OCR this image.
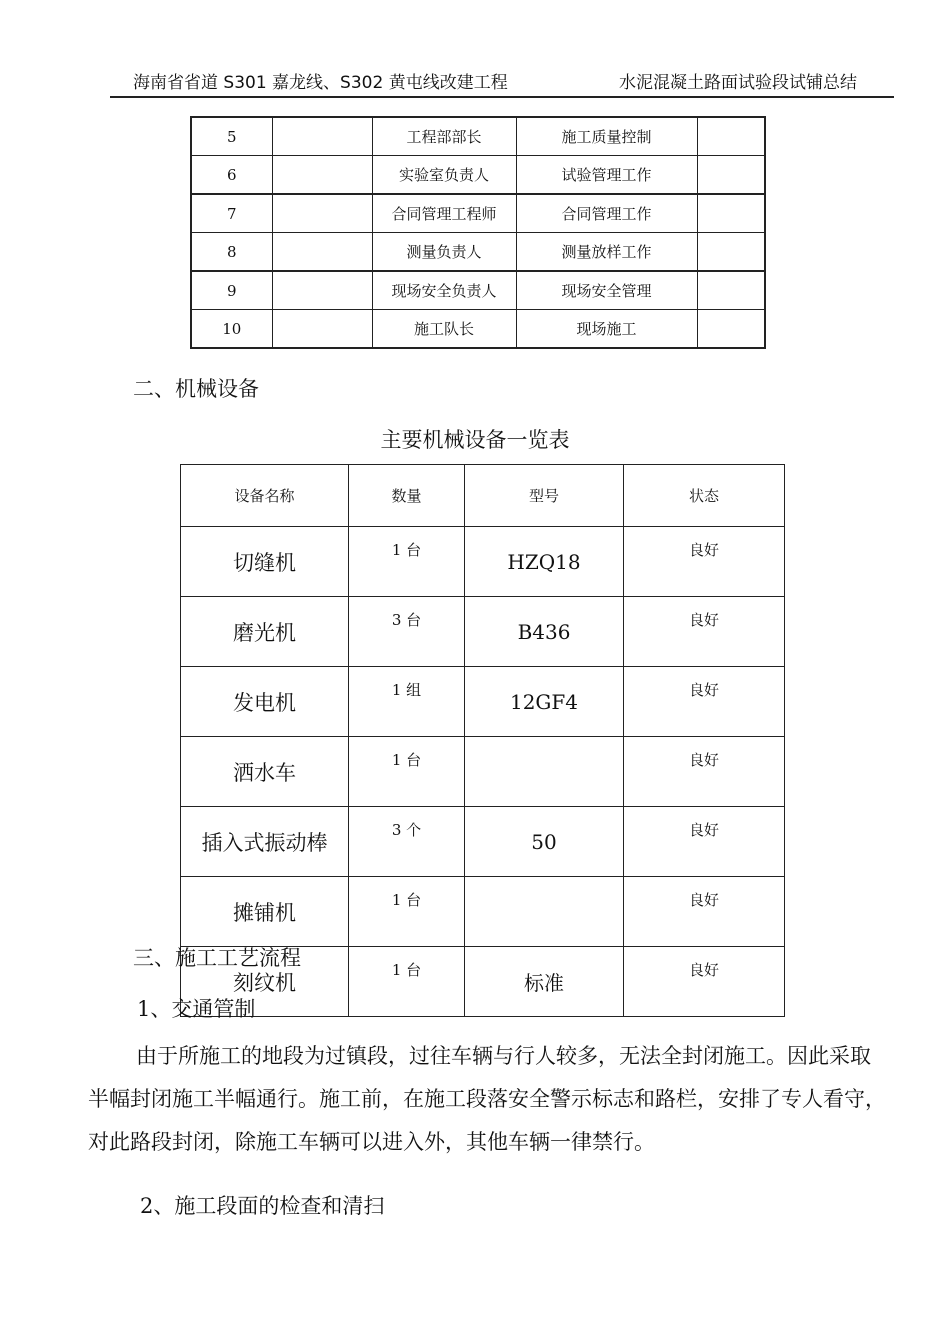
海南省省道 S301 嘉龙线、S302 黄屯线改建工程	水泥混凝土路面试验段试铺总结
5		工程部部长	施工质量控制	
6		实验室负责人	试验管理工作	
7		合同管理工程师	合同管理工作	
8		测量负责人	测量放样工作	
9		现场安全负责人	现场安全管理	
10		施工队长	现场施工	
二、机械设备
主要机械设备一览表
设备名称	数量	型号	状态
切缝机	1 台	HZQ18	良好
磨光机	3 台	B436	良好
发电机	1 组	12GF4	良好
洒水车	1 台		良好
插入式振动棒	3 个	50	良好
摊铺机	1 台		良好
刻纹机	1 台	标准	良好
三、施工工艺流程
1、交通管制

由于所施工的地段为过镇段，过往车辆与行人较多，无法全封闭施工。因此采取半幅封闭施工半幅通行。施工前，在施工段落安全警示标志和路栏，安排了专人看守，对此路段封闭，除施工车辆可以进入外，其他车辆一律禁行。

2、施工段面的检查和清扫
